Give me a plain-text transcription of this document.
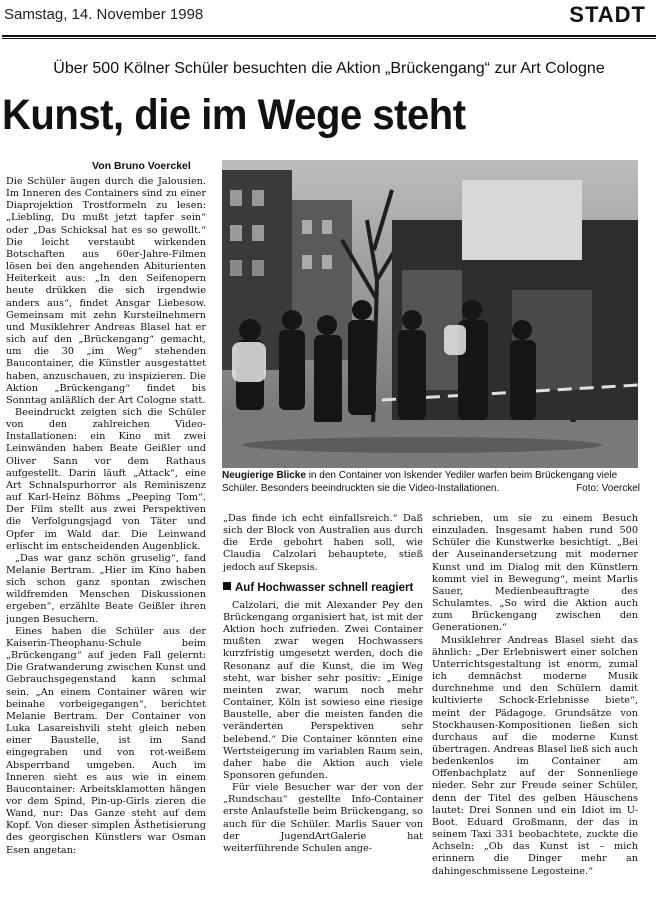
Samstag, 14. November 1998	STADT
Über 500 Kölner Schüler besuchten die Aktion „Brückengang“ zur Art Cologne
Kunst, die im Wege steht
Von Bruno Voerckel

Die Schüler äugen durch die Jalousien. Im Inneren des Containers sind zu einer Diaprojektion Trostformeln zu lesen: „Liebling, Du mußt jetzt tapfer sein“ oder „Das Schicksal hat es so gewollt.“ Die leicht verstaubt wirkenden Botschaften aus 60er-Jahre-Filmen lösen bei den angehenden Abiturienten Heiterkeit aus: „In den Seifenopern heute drükken die sich irgendwie anders aus“, findet Ansgar Liebesow. Gemeinsam mit zehn Kursteilnehmern und Musiklehrer Andreas Blasel hat er sich auf den „Brückengang“ gemacht, um die 30 „im Weg“ stehenden Baucontainer, die Künstler ausgestattet haben, anzuschauen, zu inspizieren. Die Aktion „Brückengang“ findet bis Sonntag anläßlich der Art Cologne statt.

Beeindruckt zeigten sich die Schüler von den zahlreichen Video-Installationen: ein Kino mit zwei Leinwänden haben Beate Geißler und Oliver Sann vor dem Rathaus aufgestellt. Darin läuft „Attack“, eine Art Schnalspurhorror als Reminiszenz auf Karl-Heinz Böhms „Peeping Tom“. Der Film stellt aus zwei Perspektiven die Verfolgungsjagd von Täter und Opfer im Wald dar. Die Leinwand erlischt im entscheidenden Augenblick.

„Das war ganz schön gruselig“, fand Melanie Bertram. „Hier im Kino haben sich schon ganz spontan zwischen wildfremden Menschen Diskussionen ergeben“, erzählte Beate Geißler ihren jungen Besuchern.

Eines haben die Schüler aus der Kaiserin-Theophanu-Schule beim „Brückengang“ auf jeden Fall gelernt: Die Gratwanderung zwischen Kunst und Gebrauchsgegenstand kann schmal sein. „An einem Container wären wir beinahe vorbeigegangen“, berichtet Melanie Bertram. Der Container von Luka Lasareishvili steht gleich neben einer Baustelle, ist im Sand eingegraben und von rot-weißem Absperrband umgeben. Auch im Inneren sieht es aus wie in einem Baucontainer: Arbeitsklamotten hängen vor dem Spind, Pin-up-Girls zieren die Wand, nur: Das Ganze steht auf dem Kopf. Von dieser simplen Ästhetisierung des georgischen Künstlers war Osman Esen angetan:

Neugierige Blicke in den Container von Iskender Yediler warfen beim Brückengang viele Schüler. Besonders beeindruckten sie die Video-Installationen.	Foto: Voerckel

„Das finde ich echt einfallsreich.“ Daß sich der Block von Australien aus durch die Erde gebohrt haben soll, wie Claudia Calzolari behauptete, stieß jedoch auf Skepsis.

Auf Hochwasser schnell reagiert

Calzolari, die mit Alexander Pey den Brückengang organisiert hat, ist mit der Aktion hoch zufrieden. Zwei Container mußten zwar wegen Hochwassers kurzfristig umgesetzt werden, doch die Resonanz auf die Kunst, die im Weg steht, war bisher sehr positiv: „Einige meinten zwar, warum noch mehr Container, Köln ist sowieso eine riesige Baustelle, aber die meisten fanden die veränderten Perspektiven sehr belebend.“ Die Container könnten eine Wertsteigerung im variablen Raum sein, daher habe die Aktion auch viele Sponsoren gefunden.

Für viele Besucher war der von der „Rundschau“ gestellte Info-Container erste Anlaufstelle beim Brückengang, so auch für die Schüler. Marlis Sauer von der JugendArtGalerie hat weiterführende Schulen ange-

schrieben, um sie zu einem Besuch einzuladen. Insgesamt haben rund 500 Schüler die Kunstwerke besichtigt. „Bei der Auseinandersetzung mit moderner Kunst und im Dialog mit den Künstlern kommt viel in Bewegung“, meint Marlis Sauer, Medienbeauftragte des Schulamtes. „So wird die Aktion auch zum Brückengang zwischen den Generationen.“

Musiklehrer Andreas Blasel sieht das ähnlich: „Der Erlebniswert einer solchen Unterrichtsgestaltung ist enorm, zumal ich demnächst moderne Musik durchnehme und den Schülern damit kultivierte Schock-Erlebnisse biete“, meint der Pädagoge. Grundsätze von Stockhausen-Kompositionen ließen sich durchaus auf die moderne Kunst übertragen. Andreas Blasel ließ sich auch bedenkenlos im Container am Offenbachplatz auf der Sonnenliege nieder. Sehr zur Freude seiner Schüler, denn der Titel des gelben Häuschens lautet: Drei Sonnen und ein Idiot im U-Boot. Eduard Großmann, der das in seinem Taxi 331 beobachtete, zuckte die Achseln: „Ob das Kunst ist – mich erinnern die Dinger mehr an dahingeschmissene Legosteine.“
